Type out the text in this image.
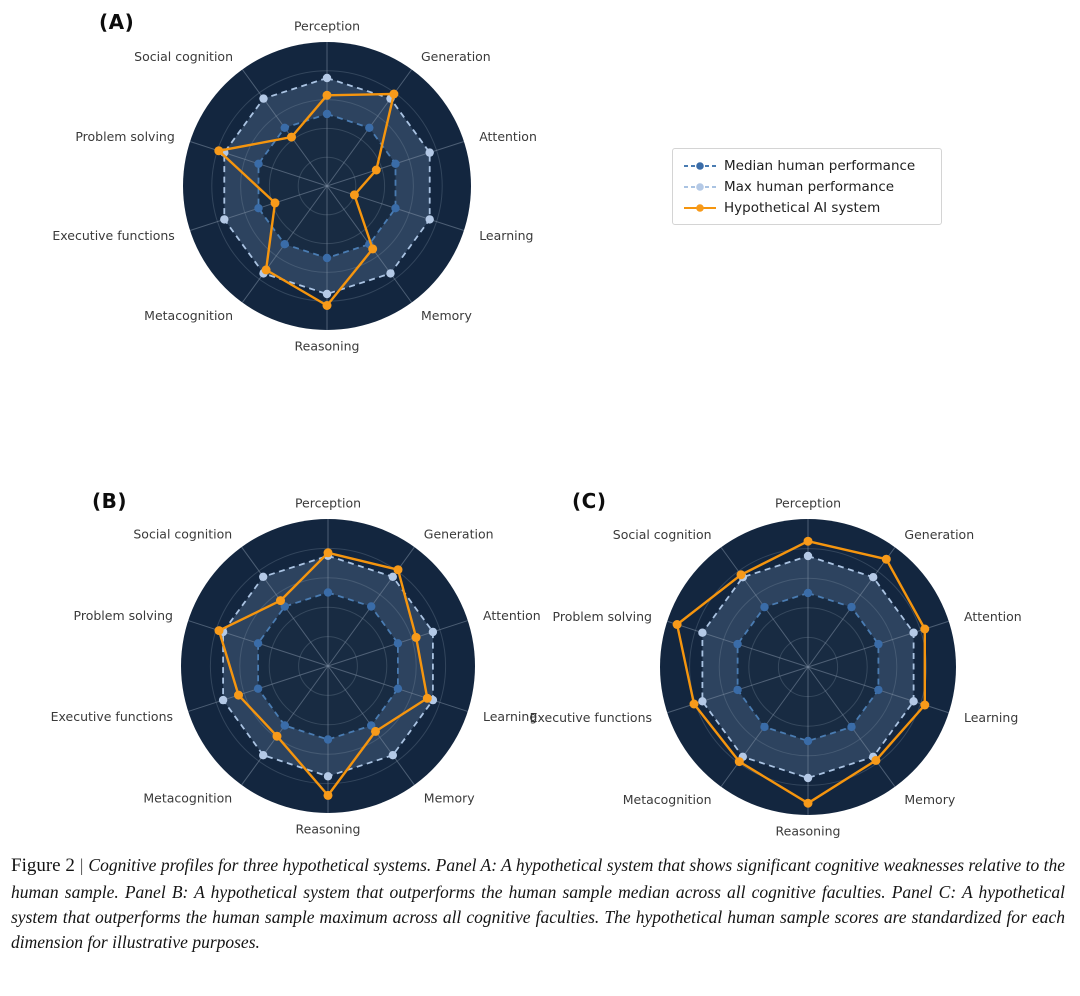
Perception
Generation
Attention
Learning
Memory
Reasoning
Metacognition
Executive functions
Problem solving
Social cognition
Perception
Generation
Attention
Learning
Memory
Reasoning
Metacognition
Executive functions
Problem solving
Social cognition
Perception
Generation
Attention
Learning
Memory
Reasoning
Metacognition
Executive functions
Problem solving
Social cognition
(A)
(B)	(C)
Median human performance
Max human performance
Hypothetical AI system
Figure 2 | Cognitive profiles for three hypothetical systems. Panel A: A hypothetical system that shows significant cognitive weaknesses relative to the human sample. Panel B: A hypothetical system that outperforms the human sample median across all cognitive faculties. Panel C: A hypothetical system that outperforms the human sample maximum across all cognitive faculties. The hypothetical human sample scores are standardized for each dimension for illustrative purposes.
